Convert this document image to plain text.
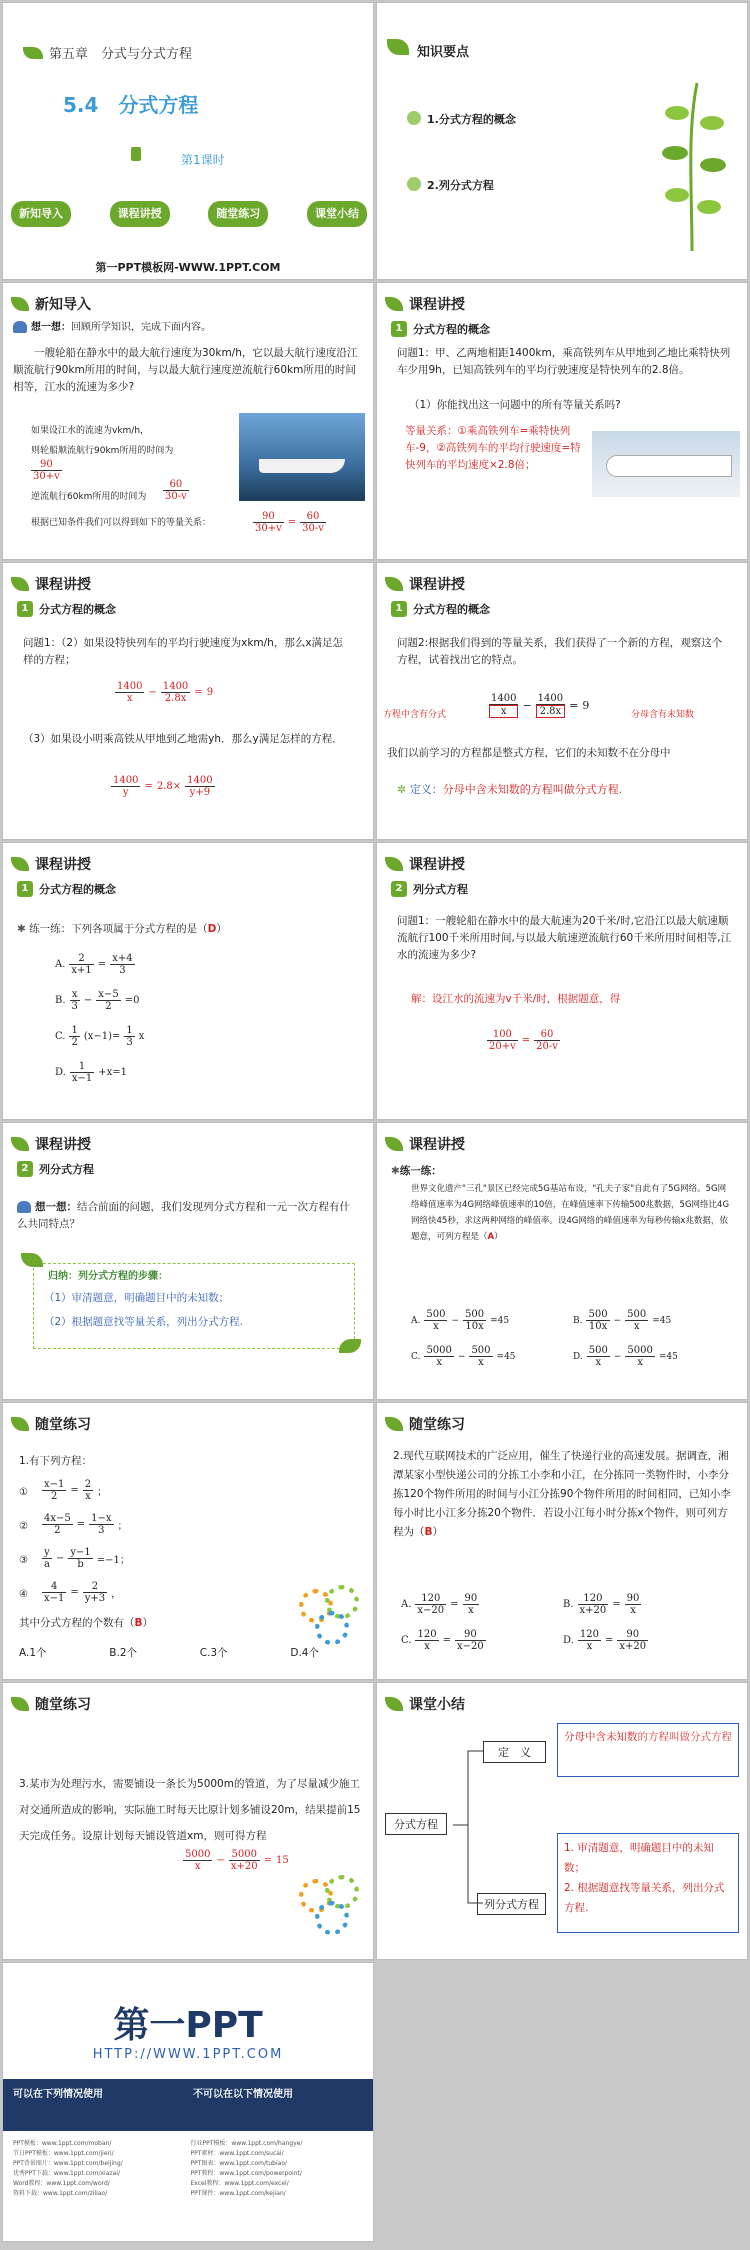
第五章　分式与分式方程
5.4　分式方程
第1课时
新知导入	课程讲授	随堂练习	课堂小结
第一PPT模板网-WWW.1PPT.COM
知识要点
1.分式方程的概念
2.列分式方程
新知导入
想一想：回顾所学知识，完成下面内容。
一艘轮船在静水中的最大航行速度为30km/h，它以最大航行速度沿江顺流航行90km所用的时间，与以最大航行速度逆流航行60km所用的时间相等，江水的流速为多少?
如果设江水的流速为vkm/h，
则轮船顺流航行90km所用的时间为
$\frac{90}{30+v}$
逆流航行60km所用的时间为 $\frac{60}{30-v}$
根据已知条件我们可以得到如下的等量关系：	$\frac{90}{30+v} = \frac{60}{30-v}$
课程讲授
1 分式方程的概念
问题1：甲、乙两地相距1400km，乘高铁列车从甲地到乙地比乘特快列车少用9h，已知高铁列车的平均行驶速度是特快列车的2.8倍。
（1）你能找出这一问题中的所有等量关系吗?
等量关系：①乘高铁列车=乘特快列车-9，②高铁列车的平均行驶速度=特快列车的平均速度×2.8倍；
课程讲授
1 分式方程的概念
问题1：（2）如果设特快列车的平均行驶速度为xkm/h，那么x满足怎样的方程；
$\frac{1400}{x} - \frac{1400}{2.8x} = 9$
（3）如果设小明乘高铁从甲地到乙地需yh．那么y满足怎样的方程．
$\frac{1400}{y} = 2.8\times \frac{1400}{y+9}$
课程讲授
1 分式方程的概念
问题2:根据我们得到的等量关系，我们获得了一个新的方程，观察这个方程，试着找出它的特点。
方程中含有分式	$\frac{1400}{x} - \frac{1400}{2.8x} = 9$
分母含有未知数
我们以前学习的方程都是整式方程，它们的未知数不在分母中
✲ 定义：分母中含未知数的方程叫做分式方程.
课程讲授
1 分式方程的概念
✱ 练一练：下列各项属于分式方程的是（D）
A. $\frac{2}{x+1} = \frac{x+4}{3}$
B. $\frac{x}{3} - \frac{x-5}{2} =0$
C. $\frac{1}{2} (x-1)= \frac{1}{3}$ x
D. $\frac{1}{x-1} +x=1$
课程讲授
2 列分式方程
问题1：一艘轮船在静水中的最大航速为20千米/时,它沿江以最大航速顺流航行100千米所用时间,与以最大航速逆流航行60千米所用时间相等,江水的流速为多少?
解：设江水的流速为v千米/时，根据题意，得
$\frac{100}{20+v} = \frac{60}{20-v}$
课程讲授
2 列分式方程
想一想：结合前面的问题，我们发现列分式方程和一元一次方程有什么共同特点？
归纳：列分式方程的步骤：
（1）审清题意，明确题目中的未知数；
（2）根据题意找等量关系，列出分式方程.
课程讲授
✱练一练：
世界文化遗产"三孔"景区已经完成5G基站布设，"孔夫子家"自此有了5G网络。5G网络峰值速率为4G网络峰值速率的10倍，在峰值速率下传输500兆数据，5G网络比4G网络快45秒，求这两种网络的峰值率。设4G网络的峰值速率为每秒传输x兆数据，依题意，可列方程是（A）
A. $\frac{500}{x} - \frac{500}{10x} =45$	B. $\frac{500}{10x} - \frac{500}{x} =45$
C. $\frac{5000}{x} - \frac{500}{x} =45$	D. $\frac{500}{x} - \frac{5000}{x} =45$
随堂练习
1.有下列方程：
①　 $\frac{x-1}{2} = \frac{2}{x}$ ；
②　 $\frac{4x-5}{2} = \frac{1-x}{3}$ ；
③　 $\frac{y}{a} - \frac{y-1}{b} =-1$；
④　 $\frac{4}{x-1} = \frac{2}{y+3}$ ，
其中分式方程的个数有（B）
A.1个	B.2个	C.3个	D.4个
随堂练习
2.现代互联网技术的广泛应用，催生了快递行业的高速发展。据调查，湘潭某家小型快递公司的分拣工小李和小江，在分拣同一类物件时，小李分拣120个物件所用的时间与小江分拣90个物件所用的时间相同，已知小李每小时比小江多分拣20个物件．若设小江每小时分拣x个物件，则可列方程为（B）
A. $\frac{120}{x-20} = \frac{90}{x}$	B. $\frac{120}{x+20} = \frac{90}{x}$
C. $\frac{120}{x} = \frac{90}{x-20}$	D. $\frac{120}{x} = \frac{90}{x+20}$
随堂练习
3.某市为处理污水，需要铺设一条长为5000m的管道，为了尽量减少施工对交通所造成的影响，实际施工时每天比原计划多铺设20m，结果提前15天完成任务。设原计划每天铺设管道xm，则可得方程
$\frac{5000}{x} - \frac{5000}{x+20} = 15$
课堂小结
分式方程
定　义
列分式方程
分母中含未知数的方程叫做分式方程
1. 审清题意，明确题目中的未知数；
2. 根据题意找等量关系，列出分式方程.
第一PPT
HTTP://WWW.1PPT.COM
可以在下列情况使用	不可以在以下情况使用
PPT模板：www.1ppt.com/moban/	行业PPT模板：www.1ppt.com/hangye/
节日PPT模板：www.1ppt.com/jieri/	PPT素材：www.1ppt.com/sucai/
PPT背景图片：www.1ppt.com/beijing/	PPT图表：www.1ppt.com/tubiao/
优秀PPT下载：www.1ppt.com/xiazai/	PPT教程：www.1ppt.com/powerpoint/
Word教程：www.1ppt.com/word/	Excel教程：www.1ppt.com/excel/
资料下载：www.1ppt.com/ziliao/	PPT课件：www.1ppt.com/kejian/
